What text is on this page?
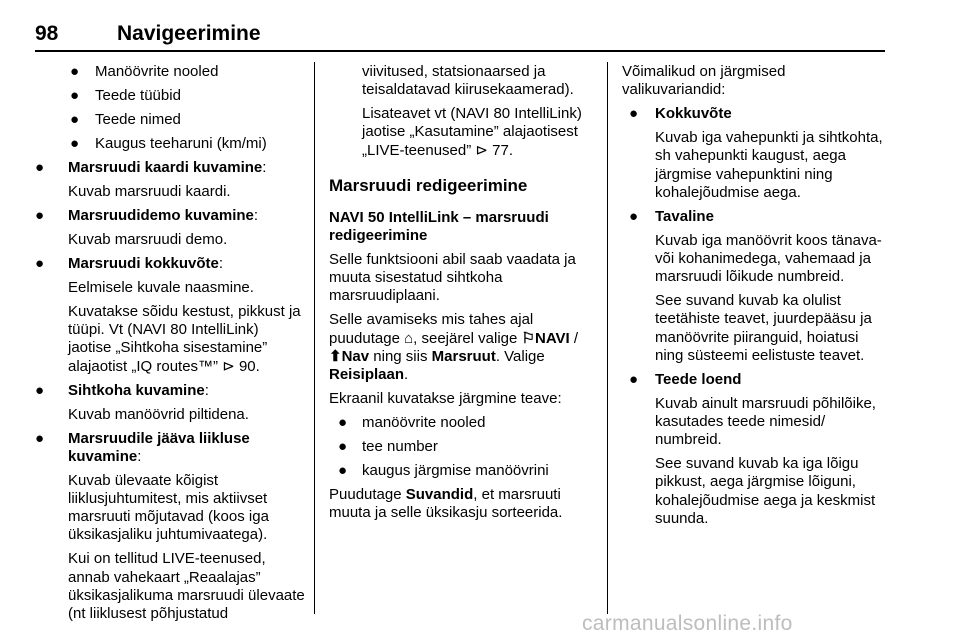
98	Navigeerimine
● Manöövrite nooled
● Teede tüübid
● Teede nimed
● Kaugus teeharuni (km/mi)
●	Marsruudi kaardi kuvamine:

Kuvab marsruudi kaardi.

●	Marsruudidemo kuvamine:

Kuvab marsruudi demo.

●	Marsruudi kokkuvõte:

Eelmisele kuvale naasmine.

Kuvatakse sõidu kestust, pikkust ja tüüpi. Vt (NAVI 80 IntelliLink) jaotise „Sihtkoha sisestamine” alajaotist „IQ routes™” ⊳ 90.

●	Sihtkoha kuvamine:

Kuvab manöövrid piltidena.

●	Marsruudile jääva liikluse kuvamine:

Kuvab ülevaate kõigist liiklusjuhtumitest, mis aktiivset marsruuti mõjutavad (koos iga üksikasjaliku juhtumivaatega).

Kui on tellitud LIVE-teenused, annab vahekaart „Reaalajas” üksikasjalikuma marsruudi ülevaate (nt liiklusest põhjustatud

viivitused, statsionaarsed ja teisaldatavad kiirusekaamerad).

Lisateavet vt (NAVI 80 IntelliLink) jaotise „Kasutamine” alajaotisest „LIVE-teenused” ⊳ 77.

Marsruudi redigeerimine

NAVI 50 IntelliLink – marsruudi redigeerimine

Selle funktsiooni abil saab vaadata ja muuta sisestatud sihtkoha marsruudiplaani.

Selle avamiseks mis tahes ajal puudutage ⌂, seejärel valige ⚐NAVI / ⬆Nav ning siis Marsruut. Valige Reisiplaan.

Ekraanil kuvatakse järgmine teave:

● manöövrite nooled
● tee number
● kaugus järgmise manöövrini

Puudutage Suvandid, et marsruuti muuta ja selle üksikasju sorteerida.

Võimalikud on järgmised valikuvariandid:

●	Kokkuvõte

Kuvab iga vahepunkti ja sihtkohta, sh vahepunkti kaugust, aega järgmise vahepunktini ning kohalejõudmise aega.

●	Tavaline

Kuvab iga manöövrit koos tänava- või kohanimedega, vahemaad ja marsruudi lõikude numbreid.

See suvand kuvab ka olulist teetähiste teavet, juurdepääsu ja manöövrite piiranguid, hoiatusi ning süsteemi eelistuste teavet.

●	Teede loend

Kuvab ainult marsruudi põhilõike, kasutades teede nimesid/ numbreid.

See suvand kuvab ka iga lõigu pikkust, aega järgmise lõiguni, kohalejõudmise aega ja keskmist suunda.

carmanualsonline.info
